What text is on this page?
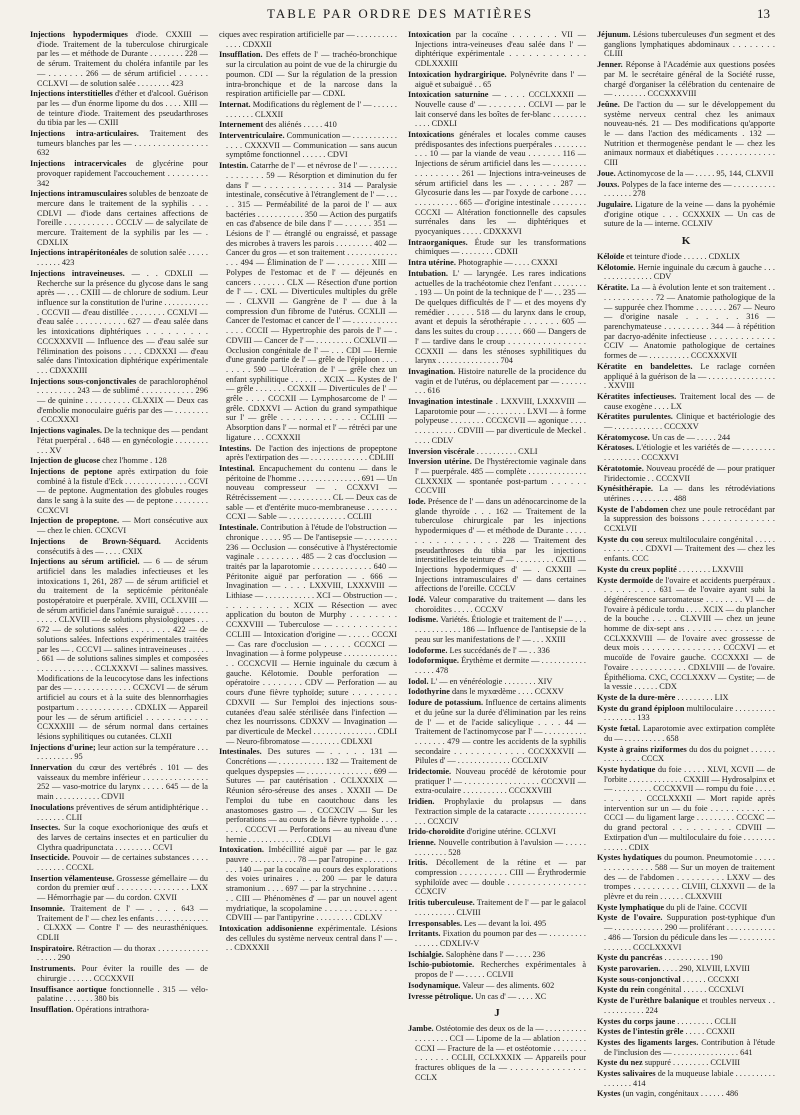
TABLE PAR ORDRE DES MATIÈRES	13
Injections hypodermiques d'iode. CXXIII — d'iode. Traitement de la tuberculose chirurgicale par les — et méthode de Durante . . . . . . . . 228 — de sérum. Traitement du choléra infantile par les — . . . . . . . 266 — de sérum artificiel . . . . . . CCLXVI — de solution salée . . . . . . . . 423
Injections interstitielles d'éther et d'alcool. Guérison par les — d'un énorme lipome du dos . . . . XIII — de teinture d'iode. Traitement des pseudarthroses du tibia par les — CXIII
Injections intra-articulaires. Traitement des tumeurs blanches par les — . . . . . . . . . . . . . . . . 632
Injections intracervicales de glycérine pour provoquer rapidement l'accouchement . . . . . . . . . 342
Injections intramusculaires solubles de benzoate de mercure dans le traitement de la syphilis . . . CDLVI — d'iode dans certaines affections de l'oreille . . . . . . . . . . . CCCLV — de salycilate de mercure. Traitement de la syphilis par les — . CDXLIX
Injections intrapéritonéales de solution salée . . . . . . . . . . . 423
Injections intraveineuses. — . . CDXLII — Recherche sur la présence du glycose dans le sang après — . . . CXIII — de chlorure de sodium. Leur influence sur la constitution de l'urine . . . . . . . . . . . . CCCVII — d'eau distillée . . . . . . . . CCXLVI — d'eau salée . . . . . . . . . . . 627 — d'eau salée dans les intoxications diphtériques . . . . . . . . . CCCXXXVII — Influence des — d'eau salée sur l'élimination des poisons . . . . CDXXXI — d'eau salée dans l'intoxication diphtérique expérimentale . . . CDXXXIII
Injections sous-conjonctivales de parachlorophénol . . . . . . . . . 243 — de sublimé . . . . . . . . . . . . 296 — de quinine . . . . . . . . . . CLXXIX — Deux cas d'embolie monoculaire guéris par des — . . . . . . . . . CCCXXXI
Injections vaginales. De la technique des — pendant l'état puerpéral . . 648 — en gynécologie . . . . . . . . . . . XV
Injection de glucose chez l'homme . 128
Injections de peptone après extirpation du foie combiné à la fistule d'Eck . . . . . . . . . . . . . . . CCVI — de peptone. Augmentation des globules rouges dans le sang à la suite des — de peptone . . . . . . . . CCXCVI
Injection de propeptone. — Mort consécutive aux — chez le chien. CCXCVI
Injections de Brown-Séquard. Accidents consécutifs à des — . . . . CXIX
Injections au sérum artificiel. — 6 — de sérum artificiel dans les maladies infectieuses et les intoxications 1, 261, 287 — de sérum artificiel et du traitement de la septicémie péritonéale postopératoire et puerpérale. XVIII, CCLXVIII — de sérum artificiel dans l'anémie suraiguë . . . . . . . . . . . . . CLXVIII — de solutions physiologiques . . . 672 — de solutions salées . . . . . . . . 422 — de solutions salées. Infections expérimentales traitées par les — . CCCVI — salines intraveineuses . . . . . . 661 — de solutions salines simples et composées . . . . . . . . . . . . . CCLXXXVI — salines massives. Modifications de la leucocytose dans les infections par des — . . . . . . . . . . . . . CCXCVI — de sérum artificiel au cours et à la suite des blennorrhagies postpartum . . . . . . . . . . . . . CDXLIX — Appareil pour les — de sérum artificiel . . . . . . . . . . . . CCXXXIII — de sérum normal dans certaines lésions syphilitiques ou cutanées. CLXII
Injections d'urine; leur action sur la température . . . . . . . . . . . . 95
Innervation du cœur des vertébrés . 101 — des vaisseaux du membre inférieur . . . . . . . . . . . . . . . 252 — vaso-motrice du larynx . . . . . 645 — de la main . . . . . . . . . . . CDVII
Inoculations préventives de sérum antidiphtérique . . . . . . . . . CLII
Insectes. Sur la coque exochorionique des œufs et des larves de certains insectes et en particulier du Clythra quadripunctata . . . . . . . . . CCVI
Insecticide. Pouvoir — de certaines substances . . . . . . . . . . . CCCXL
Insertion vélamenteuse. Grossesse gémellaire — du cordon du premier œuf . . . . . . . . . . . . . . . . LXX — Hémorrhagie par — du cordon. CXVII
Insomnie. Traitement de l' — . . . . 643 — Traitement de l' — chez les enfants . . . . . . . . . . . . . . CLXXX — Contre l' — des neurasthéniques. CDLII
Inspiratoire. Rétraction — du thorax . . . . . . . . . . . . . . . . . 290
Instruments. Pour éviter la rouille des — de chirurgie . . . . . . CCCXXVII
Insuffisance aortique fonctionnelle . 315 — vélo-palatine . . . . . . . 380 bis
Insufflation. Opérations intrathora-
ciques avec respiration artificielle par — . . . . . . . . . . . . . . CDXXII
Insufflation. Des effets de l' — trachéo-bronchique sur la circulation au point de vue de la chirurgie du poumon. CDI — Sur la régulation de la pression intra-bronchique et de la narcose dans la respiration artificielle par — CDXL
Internat. Modifications du règlement de l' — . . . . . . . . . . . . . CLXXII
Internement des aliénés . . . . . 410
Interventriculaire. Communication — . . . . . . . . . . . . . . . CXXXVII — Communication — sans aucun symptôme fonctionnel . . . . . . CDVI
Intestin. Catarrhe de l' — et névrose de l' — . . . . . . . . . . . . . . . 59 — Résorption et diminution du fer dans l' — . . . . . . . . . . . . . 314 — Paralysie intestinale, consécutive à l'étranglement de l' — . . . . . 315 — Perméabilité de la paroi de l' — aux bactéries . . . . . . . . . . . 350 — Action des purgatifs en cas d'absence de bile dans l' — . . . . . . 351 — Lésions de l' — étranglé ou engraissé, et passage des microbes à travers les parois . . . . . . . . . 402 — Cancer du gros — et son traitement . . . . . . . . . . . . . . . 494 — Élimination de l' — . . . . . . . XIII — Polypes de l'estomac et de l' — déjeunés en cancers . . . . . . . CLX — Résection d'une portion de l' — . CXL — Diverticules multiples du grêle — . CLXVII — Gangrène de l' — due à la compression d'un fibrome de l'utérus. CCXLII — Cancer de l'estomac et cancer de l' — . . . . . . . . . . . . . . . CCCII — Hypertrophie des parois de l' — . CDVIII — Cancer de l' — . . . . . . . . . CCXLVII — Occlusion congénitale de l' — . . . CDI — Hernie d'une grande partie de l' — grêle de l'épiploon . . . . . . . . . 590 — Ulcération de l' — grêle chez un enfant syphilitique . . . . . . . XCIX — Kystes de l' — grêle . . . . . . . CCXXII — Diverticules de l' — grêle . . . . CCCXII — Lymphosarcome de l' — grêle. CDXXVI — Action du grand sympathique sur l' — grêle . . . . . . . . . . . . . CCLIII — Absorption dans l' — normal et l' — rétréci par une ligature . . . CCXXXII
Intestins. De l'action des injections de propeptone après l'extirpation des — . . . . . . . . . . . . . . CDLIII
Intestinal. Encapuchement du contenu — dans le péritoine de l'homme . . . . . . . . . . . . . . . 691 — Un nouveau compresseur — . CCXXVI — Rétrécissement — . . . . . . . . . . CL — Deux cas de sable — et d'entérite muco-membraneuse . . . . . . . CCXI — Sable — . . . . . . . . . . . . . . CCLIII
Intestinale. Contribution à l'étude de l'obstruction — chronique . . . . . 95 — De l'antisepsie — . . . . . . . . 236 — Occlusion — consécutive à l'hystérectomie vaginale . . . . . . . . . 485 — 2 cas d'occlusion — traités par la laparotomie . . . . . . . . . . . . . 640 — Péritonite aiguë par perforation — . 666 — Invagination — . . . . LXXVIII, LXXXVIII — Lithiase — . . . . . . . . . . . . XCI — Obstruction — . . . . . . . . . . . XCIX — Résection — avec application du bouton de Murphy . . . . . . . . CCXXVIII — Tuberculose — . . . . . . . . . . . CCLIII — Intoxication d'origine — . . . . . CCCXI — Cas rare d'occlusion — . . . . . CCCXCI — Invagination — à forme polypeuse . . . . . . . . . . . . . . . CCCXCVII — Hernie inguinale du cæcum à gauche. Kélotomie. Double perforation — opératoire . . . . . . . . CDV — Perforation — au cours d'une fièvre typhoïde; suture . . . . . . . . CDXVII — Sur l'emploi des injections sous-cutanées d'eau salée stérilisée dans l'infection — chez les nourrissons. CDXXV — Invagination — par diverticule de Meckel . . . . . . . . . . . . . . . CDLI — Neuro-fibromatose — . . . . . . . CDLXXI
Intestinales. Des sutures — . . . . . 131 — Concrétions — . . . . . . . . . . . 132 — Traitement de quelques dyspepsies — . . . . . . . . . . . . . . . 699 — Sutures — par cautérisation . CCLXXXIX — Réunion séro-séreuse des anses . XXXII — De l'emploi du tube en caoutchouc dans les anastomoses gastro — . CCCXCIV — Sur les perforations — au cours de la fièvre typhoïde . . . . . . . . CCCCVI — Perforations — au niveau d'une hernie . . . . . . . . . . . . . . CDLVI
Intoxication. Imbécillité aiguë par — par le gaz pauvre . . . . . . . . . . . 78 — par l'atropine . . . . . . . . . . . 140 — par la cocaïne au cours des explorations des voies urinaires . . . . 200 — par le datura stramonium . . . . 697 — par la strychnine . . . . . . . . . CIII — Phénomènes d' — par un nouvel agent mydriatique, la scopolamine . . . . . . . . . . . . . . . CDVIII — par l'antipyrine . . . . . . . . . CDLXV
Intoxication addisonienne expérimentale. Lésions des cellules du système nerveux central dans l' — . . . CDXXXII
Intoxication par la cocaïne . . . . . . . VII — Injections intra-veineuses d'eau salée dans l' — diphtérique expérimentale . . . . . . . . . . . . CDLXXXIII
Intoxication hydrargirique. Polynévrite dans l' — aiguë et subaiguë . . 65
Intoxication saturnine — . . . . CCCLXXXII — Nouvelle cause d' — . . . . . . . . CCLVI — par le lait conservé dans les boîtes de fer-blanc . . . . . . . . . . . . CDXLI
Intoxications générales et locales comme causes prédisposantes des infections puerpérales . . . . . . . . . . . 10 — par la viande de veau . . . . . . . 116 — Injections de sérum artificiel dans les — . . . . . . . . . . . . . . . . . 261 — Injections intra-veineuses de sérum artificiel dans les — . . . . . . 287 — Glycosurie dans les — par l'oxyde de carbone . . . . . . . . . . . . . . 665 — d'origine intestinale . . . . . . . . CCCXI — Altération fonctionnelle des capsules surrénales dans les — diphtériques et pyocyaniques . . . . . CDXXXVI
Intraorganiques. Étude sur les transformations chimiques — . . . . . . . . CDXII
Intra utérine. Photographie — . . . . CXXXI
Intubation. L' — laryngée. Les rares indications actuelles de la trachéotomie chez l'enfant . . . . . . . . . 193 — Un point de la technique de l' — . . 235 — De quelques difficultés de l' — et des moyens d'y remédier . . . . . . 518 — du larynx dans le croup, avant et depuis la sérothérapie . . . . . . . 605 — dans les suites du croup . . . . . . 660 — Dangers de l' — tardive dans le croup . . . . . . . . . . . . . . . . CCXXII — dans les sténoses syphilitiques du larynx . . . . . . . . . . . . . . . 704
Invagination. Histoire naturelle de la procidence du vagin et de l'utérus, ou déplacement par — . . . . . . . . . 616
Invagination intestinale . LXXVIII, LXXXVIII — Laparotomie pour — . . . . . . . . . LXVI — à forme polypeuse . . . . . . . . CCCXCVII — agonique . . . . . . . . . . . . . . CDVIII — par diverticule de Meckel . . . . . CDLV
Inversion viscérale . . . . . . . . . . CXLI
Inversion utérine. De l'hystérectomie vaginale dans l' — puerpérale. 485 — complète . . . . . . . . . . . . . . CLXXXIX — spontanée post-partum . . . . . . CCCVIII
Iode. Présence de l' — dans un adénocarcinome de la glande thyroïde . . . 162 — Traitement de la tuberculose chirurgicale par les injections hypodermiques d' — et méthode de Durante . . . . . . . . . . . . . . . . . 228 — Traitement des pseudarthroses du tibia par les injections interstitielles de teinture d' — . . . . . . . . . CXIII — Injections hypodermiques d' — . CXXIII — Injections intramusculaires d' — dans certaines affections de l'oreille. CCCLV
Iodé. Valeur comparative du traitement — dans les choroïdites . . . . . CCCXV
Iodisme. Variétés. Étiologie et traitement de l' — . . . . . . . . . . . . . . 186 — Influence de l'antisepsie de la peau sur les manifestations de l' — . . . XXIII
Iodoforme. Les succédanés de l' — . . 336
Iodoformique. Érythème et dermite — . . . . . . . . . . . . . . . . 478
Iodol. L' — en vénéréologie . . . . . . . . XIV
Iodothyrine dans le myxœdème . . . . CCXXV
Iodure de potassium. Influence de certains aliments et du jeûne sur la durée d'élimination par les reins de l' — et de l'acide salicylique . . . . 44 — Traitement de l'actinomycose par l' — . . . . . . . . . . . . . . . . . 479 — contre les accidents de la syphilis secondaire . . . . . . . . . . . . . CCCXXXVII — Pilules d' — . . . . . . . . . . . . . CCCLXIV
Iridectomie. Nouveau procédé de kérotomie pour pratiquer l' — . . . . . . . . . . . . . . . . . CCCXVII — extra-oculaire . . . . . . . . . . . CCCXXVIII
Iridien. Prophylaxie du prolapsus — dans l'extraction simple de la cataracte . . . . . . . . . . . . . . . . . CCXCIV
Irido-choroïdite d'origine utérine. CCLXVI
Irienne. Nouvelle contribution à l'avulsion — . . . . . . . . . . . . . 528
Iritis. Décollement de la rétine et — par compression . . . . . . . . . . CIII — Érythrodermie syphiloïde avec — double . . . . . . . . . . . . . . . . CCXCIV
Iritis tuberculeuse. Traitement de l' — par le gaïacol . . . . . . . . . . CLVIII
Irresponsables. Les — devant la loi. 495
Irritants. Fixation du poumon par des — . . . . . . . . . . . . . . . CDXLIV-V
Ischialgie. Salophène dans l' — . . . . 236
Ischio-pubiotomie. Recherches expérimentales à propos de l' — . . . . . CCLVII
Isodynamique. Valeur — des aliments. 602
Ivresse pétrolique. Un cas d' — . . . . XC
J
Jambe. Ostéotomie des deux os de la — . . . . . . . . . . . . . . . . . . CCI — Lipome de la — ablation . . . . . . CCXI — Fracture de la — et ostéotomie . . . . . . . . . . . . . . . CCLII, CCLXXXIX — Appareils pour fractures obliques de la — . . . . . . . . . . . . . . . CCLX
Jéjunum. Lésions tuberculeuses d'un segment et des ganglions lymphatiques abdominaux . . . . . . . . CLIII
Jenner. Réponse à l'Académie aux questions posées par M. le secrétaire général de la Société russe, chargé d'organiser la célébration du centenaire de — . . . . . . . . CCCXXXVIII
Jeûne. De l'action du — sur le développement du système nerveux central chez les animaux nouveau-nés. 21 — Des modifications qu'apporte le — dans l'action des médicaments . 132 — Nutrition et thermogenèse pendant le — chez les animaux normaux et diabétiques . . . . . . . . . . . . . CIII
Joue. Actinomycose de la — . . . . . 95, 144, CLXVII
Jouxs. Polypes de la face interne des — . . . . . . . . . . . . . . . . . 278
Jugulaire. Ligature de la veine — dans la pyohémie d'origine otique . . . CCXXXIX — Un cas de suture de la — interne. CCLXIV
K
Kéloïde et teinture d'iode . . . . . . CDXLIX
Kélotomie. Hernie inguinale du cæcum à gauche . . . . . . . . . . . . . . . CDV
Kératite. La — à évolution lente et son traitement . . . . . . . . . . . . . 72 — Anatomie pathologique de la — suppurée chez l'homme . . . . . . . 267 — Neuro — d'origine nasale . . . . . . 316 — parenchymateuse . . . . . . . . . . 344 — à répétition par dacryo-adénite infectieuse . . . . . . . . . . . . . CCIV — Anatomie pathologique de certaines formes de — . . . . . . . . . . CCCXXXVII
Kératite en bandelettes. Le raclage cornéen appliqué à la guérison de la — . . . . . . . . . . . . . . . . . XXVIII
Kératites infectieuses. Traitement local des — de cause exogène . . . . LX
Kératites purulentes. Clinique et bactériologie des — . . . . . . . . . . . . CCCXXV
Kératomycose. Un cas de — . . . . . 244
Kératoses. L'étiologie et les variétés de — . . . . . . . . . . . . . . . . . CCCXXVI
Kératotomie. Nouveau procédé de — pour pratiquer l'iridectomie . . CCCXVII
Kynésithérapie. La — dans les rétrodéviations utérines . . . . . . . . . . 488
Kyste de l'abdomen chez une poule retrocédant par la suppression des boissons . . . . . . . . . . . . . . CCXLVII
Kyste du cou sereux multiloculaire congénital . . . . . . . . . . . . . . CDXVI — Traitement des — chez les enfants. CCC
Kyste du creux poplité . . . . . . . . LXXVIII
Kyste dermoïde de l'ovaire et accidents puerpéraux . . . . . . . . . . 631 — de l'ovaire ayant subi la dégénérescence sarcomateuse . . . . . . . . VI — de l'ovaire à pédicule tordu . . . . XCIX — du plancher de la bouche . . . . . CLXVIII — chez un jeune homme de dix-sept ans . . . . . . . . . . . . . . . . . CCLXXXVIII — de l'ovaire avec grossesse de deux mois . . . . . . . . . . . . . . . . CCCXVI — et mucoïde de l'ovaire gauche. CCCXXXI — de l'ovaire . . . . . . . . . . . . CDXLVIII — de l'ovaire. Épithélioma. CXC, CCCLXXXV — Cystite; — de la vessie . . . . . . CDX
Kyste de la dure-mère . . . . . . . . . LIX
Kyste du grand épiploon multiloculaire . . . . . . . . . . . . . . . . . . 133
Kyste fœtal. Laparotomie avec extirpation complète du — . . . . . . . . . . 658
Kyste à grains riziformes du dos du poignet . . . . . . . . . . . . . . . CCCX
Kyste hydatique du foie . . . . . XLVI, XCVII — de l'orbite . . . . . . . . . . . . . CXXIII — Hydrosalpinx et — . . . . . . . . . CCCXXVII — rompu du foie . . . . . . . . . . . CCCLXXXII — Mort rapide après intervention sur un — du foie . . . . . . . . . . . . . CCCI — du ligament large . . . . . . . . . CCCXC — du grand pectoral . . . . . . . . . CDVIII — Extirpation d'un — multiloculaire du foie . . . . . . . . . . . . . . CDIX
Kystes hydatiques du poumon. Pneumotomie . . . . . . . . . . . . . . . . 588 — Sur un moyen de traitement des — de l'abdomen . . . . . . . . . . LXXV — des trompes . . . . . . . . . . CLVIII, CLXXVII — de la plèvre et du rein . . . . . . CLXXVIII
Kyste lymphatique du pli de l'aine. CCCVII
Kyste de l'ovaire. Suppuration post-typhique d'un — . . . . . . . . . . . . 290 — proliférant . . . . . . . . . . . . . 486 — Torsion du pédicule dans les — . . . . . . . . . . . . . . . . CCCLXXXVI
Kyste du pancréas . . . . . . . . . . . 190
Kyste parovarien. . . . . 290, XLVIII, LXVIII
Kyste sous-conjonctival . . . . . . CCCXXI
Kyste du rein congénital . . . . . . CCCXLVI
Kyste de l'urèthre balanique et troubles nerveux . . . . . . . . . . . . 224
Kystes du corps jaune . . . . . . . . . CCLII
Kystes de l'intestin grêle . . . . . CCXXII
Kystes des ligaments larges. Contribution à l'étude de l'inclusion des — . . . . . . . . . . . . . . . . 641
Kyste du nez suppuré . . . . . . . . . CCLVIII
Kystes salivaires de la muqueuse labiale . . . . . . . . . . . . . . . . . 414
Kystes (un vagin, congénitaux . . . . . . 486
